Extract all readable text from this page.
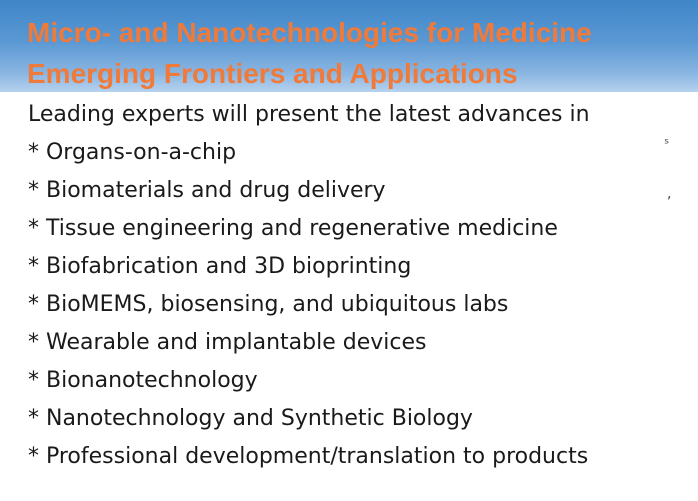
Micro- and Nanotechnologies for Medicine
Emerging Frontiers and Applications

Leading experts will present the latest advances in

* Organs-on-a-chip
* Biomaterials and drug delivery
* Tissue engineering and regenerative medicine
* Biofabrication and 3D bioprinting
* BioMEMS, biosensing, and ubiquitous labs
* Wearable and implantable devices
* Bionanotechnology
* Nanotechnology and Synthetic Biology
* Professional development/translation to products
ˢ
,
